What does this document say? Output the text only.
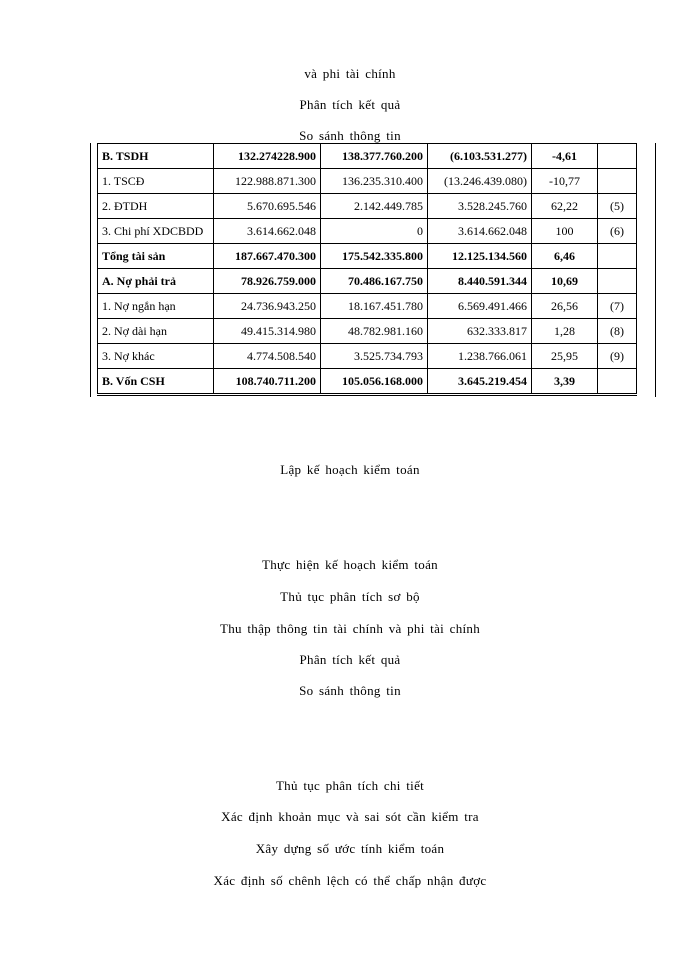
và phi tài chính
Phân tích kết quả
So sánh thông tin
B. TSDH	132.274228.900	138.377.760.200	(6.103.531.277)	-4,61	
1. TSCĐ	122.988.871.300	136.235.310.400	(13.246.439.080)	-10,77	
2. ĐTDH	5.670.695.546	2.142.449.785	3.528.245.760	62,22	(5)
3. Chi phí XDCBDD	3.614.662.048	0	3.614.662.048	100	(6)
Tổng tài sản	187.667.470.300	175.542.335.800	12.125.134.560	6,46	
A. Nợ phải trả	78.926.759.000	70.486.167.750	8.440.591.344	10,69	
1. Nợ ngắn hạn	24.736.943.250	18.167.451.780	6.569.491.466	26,56	(7)
2. Nợ dài hạn	49.415.314.980	48.782.981.160	632.333.817	1,28	(8)
3. Nợ khác	4.774.508.540	3.525.734.793	1.238.766.061	25,95	(9)
B. Vốn CSH	108.740.711.200	105.056.168.000	3.645.219.454	3,39	
Lập kế hoạch kiểm toán
Thực hiện kế hoạch kiểm toán
Thủ tục phân tích sơ bộ
Thu thập thông tin tài chính và phi tài chính
Phân tích kết quả
So sánh thông tin
Thủ tục phân tích chi tiết
Xác định khoản mục và sai sót cần kiểm tra
Xây dựng số ước tính kiểm toán
Xác định số chênh lệch có thể chấp nhận được
